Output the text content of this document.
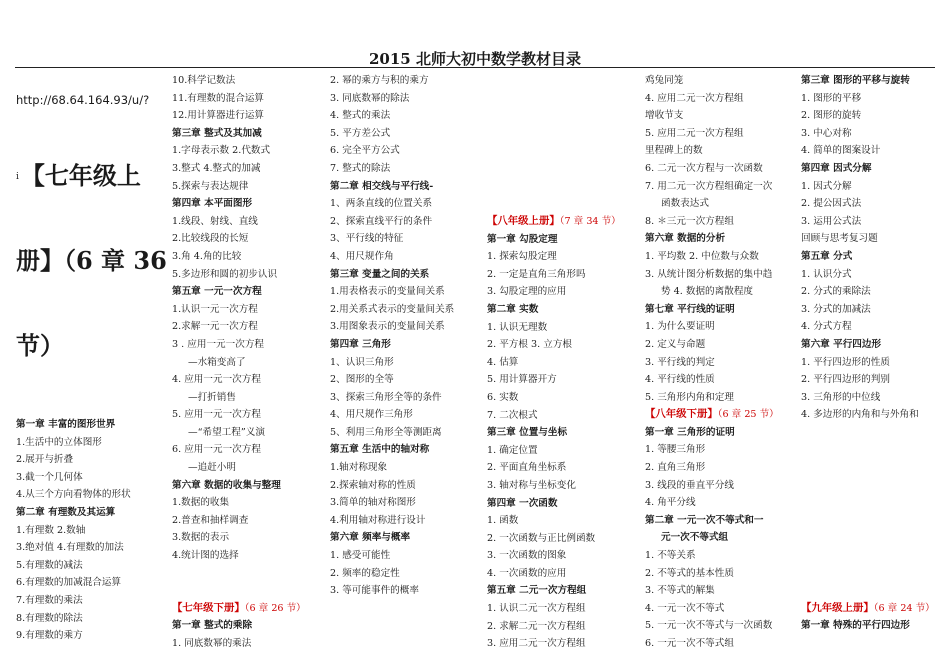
2015 北师大初中数学教材目录
http://68.64.164.93/u/?
i【七年级上
册】（6 章 36
节）
第一章 丰富的图形世界
1.生活中的立体图形
2.展开与折叠
3.截一个几何体
4.从三个方向看物体的形状
第二章 有理数及其运算
1.有理数 2.数轴
3.绝对值 4.有理数的加法
5.有理数的减法
6.有理数的加减混合运算
7.有理数的乘法
8.有理数的除法
9.有理数的乘方
10.科学记数法
11.有理数的混合运算
12.用计算器进行运算
第三章 整式及其加减
1.字母表示数 2.代数式
3.整式 4.整式的加减
5.探索与表达规律
第四章 本平面图形
1.线段、射线、直线
2.比较线段的长短
3.角 4.角的比较
5.多边形和圆的初步认识
第五章 一元一次方程
1.认识一元一次方程
2.求解一元一次方程
3 . 应用一元一次方程
—水箱变高了
4. 应用一元一次方程
—打折销售
5. 应用一元一次方程
—“希望工程”义演
6. 应用一元一次方程
—追赶小明
第六章 数据的收集与整理
1.数据的收集
2.普查和抽样调查
3.数据的表示
4.统计图的选择
【七年级下册】（6 章 26 节）
第一章 整式的乘除
1. 同底数幂的乘法
2. 幂的乘方与积的乘方
3. 同底数幂的除法
4. 整式的乘法
5. 平方差公式
6. 完全平方公式
7. 整式的除法
第二章 相交线与平行线-
1、两条直线的位置关系
2、探索直线平行的条件
3、平行线的特征
4、用尺规作角
第三章 变量之间的关系
1.用表格表示的变量间关系
2.用关系式表示的变量间关系
3.用图象表示的变量间关系
第四章 三角形
1、认识三角形
2、图形的全等
3、探索三角形全等的条件
4、用尺规作三角形
5、利用三角形全等测距离
第五章 生活中的轴对称
1.轴对称现象
2.探索轴对称的性质
3.简单的轴对称图形
4.利用轴对称进行设计
第六章 频率与概率
1. 感受可能性
2. 频率的稳定性
3. 等可能事件的概率
【八年级上册】（7 章 34 节）
第一章 勾股定理
1. 探索勾股定理
2. 一定是直角三角形吗
3. 勾股定理的应用
第二章 实数
1. 认识无理数
2. 平方根 3. 立方根
4. 估算
5. 用计算器开方
6. 实数
7. 二次根式
第三章 位置与坐标
1. 确定位置
2. 平面直角坐标系
3. 轴对称与坐标变化
第四章 一次函数
1. 函数
2. 一次函数与正比例函数
3. 一次函数的图象
4. 一次函数的应用
第五章 二元一次方程组
1. 认识二元一次方程组
2. 求解二元一次方程组
3. 应用二元一次方程组
鸡兔同笼
4. 应用二元一次方程组
增收节支
5. 应用二元一次方程组
里程碑上的数
6. 二元一次方程与一次函数
7. 用二元一次方程组确定一次
函数表达式
8. ＊三元一次方程组
第六章 数据的分析
1. 平均数 2. 中位数与众数
3. 从统计图分析数据的集中趋
势 4. 数据的离散程度
第七章 平行线的证明
1. 为什么要证明
2. 定义与命题
3. 平行线的判定
4. 平行线的性质
5. 三角形内角和定理
【八年级下册】（6 章 25 节）
第一章 三角形的证明
1. 等腰三角形
2. 直角三角形
3. 线段的垂直平分线
4. 角平分线
第二章 一元一次不等式和一
元一次不等式组
1. 不等关系
2. 不等式的基本性质
3. 不等式的解集
4. 一元一次不等式
5. 一元一次不等式与一次函数
6. 一元一次不等式组
第三章 图形的平移与旋转
1. 图形的平移
2. 图形的旋转
3. 中心对称
4. 简单的图案设计
第四章 因式分解
1. 因式分解
2. 提公因式法
3. 运用公式法
回顾与思考复习题
第五章 分式
1. 认识分式
2. 分式的乘除法
3. 分式的加减法
4. 分式方程
第六章 平行四边形
1. 平行四边形的性质
2. 平行四边形的判别
3. 三角形的中位线
4. 多边形的内角和与外角和
【九年级上册】（6 章 24 节）
第一章 特殊的平行四边形
